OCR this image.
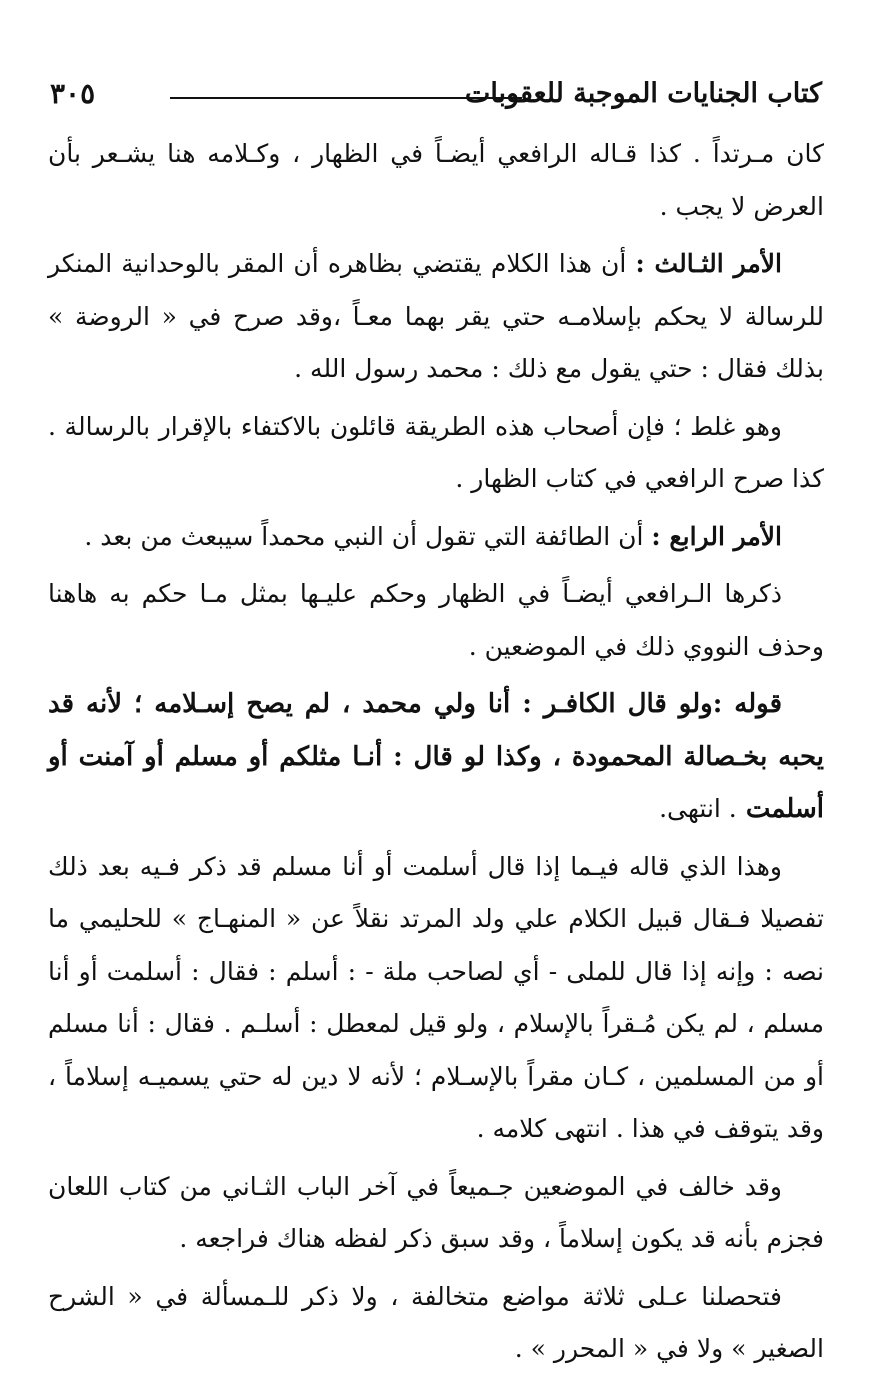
كتاب الجنايات الموجبة للعقوبات
٣٠٥

كان مـرتداً . كذا قـاله الرافعي أيضـاً في الظهار ، وكـلامه هنا يشـعر بأن العرض لا يجب .

الأمر الثـالث : أن هذا الكلام يقتضي بظاهره أن المقر بالوحدانية المنكر للرسالة لا يحكم بإسلامـه حتي يقر بهما معـاً ،وقد صرح في « الروضة » بذلك فقال : حتي يقول مع ذلك : محمد رسول الله .

وهو غلط ؛ فإن أصحاب هذه الطريقة قائلون بالاكتفاء بالإقرار بالرسالة . كذا صرح الرافعي في كتاب الظهار .

الأمر الرابع : أن الطائفة التي تقول أن النبي محمداً سيبعث من بعد .

ذكرها الـرافعي أيضـاً في الظهار وحكم عليـها بمثل مـا حكم به هاهنا وحذف النووي ذلك في الموضعين .

قوله :ولو قال الكافـر : أنا ولي محمد ، لم يصح إسـلامه ؛ لأنه قد يحبه بخـصالة المحمودة ، وكذا لو قال : أنـا مثلكم أو مسلم أو آمنت أو أسلمت . انتهى.

وهذا الذي قاله فيـما إذا قال أسلمت أو أنا مسلم قد ذكر فـيه بعد ذلك تفصيلا فـقال قبيل الكلام علي ولد المرتد نقلاً عن « المنهـاج » للحليمي ما نصه : وإنه إذا قال للملى - أي لصاحب ملة - : أسلم : فقال : أسلمت أو أنا مسلم ، لم يكن مُـقراً بالإسلام ، ولو قيل لمعطل : أسلـم . فقال : أنا مسلم أو من المسلمين ، كـان مقراً بالإسـلام ؛ لأنه لا دين له حتي يسميـه إسلاماً ، وقد يتوقف في هذا . انتهى كلامه .

وقد خالف في الموضعين جـميعاً في آخر الباب الثـاني من كتاب اللعان فجزم بأنه قد يكون إسلاماً ، وقد سبق ذكر لفظه هناك فراجعه .

فتحصلنا عـلى ثلاثة مواضع متخالفة ، ولا ذكر للـمسألة في « الشرح الصغير » ولا في « المحرر » .
